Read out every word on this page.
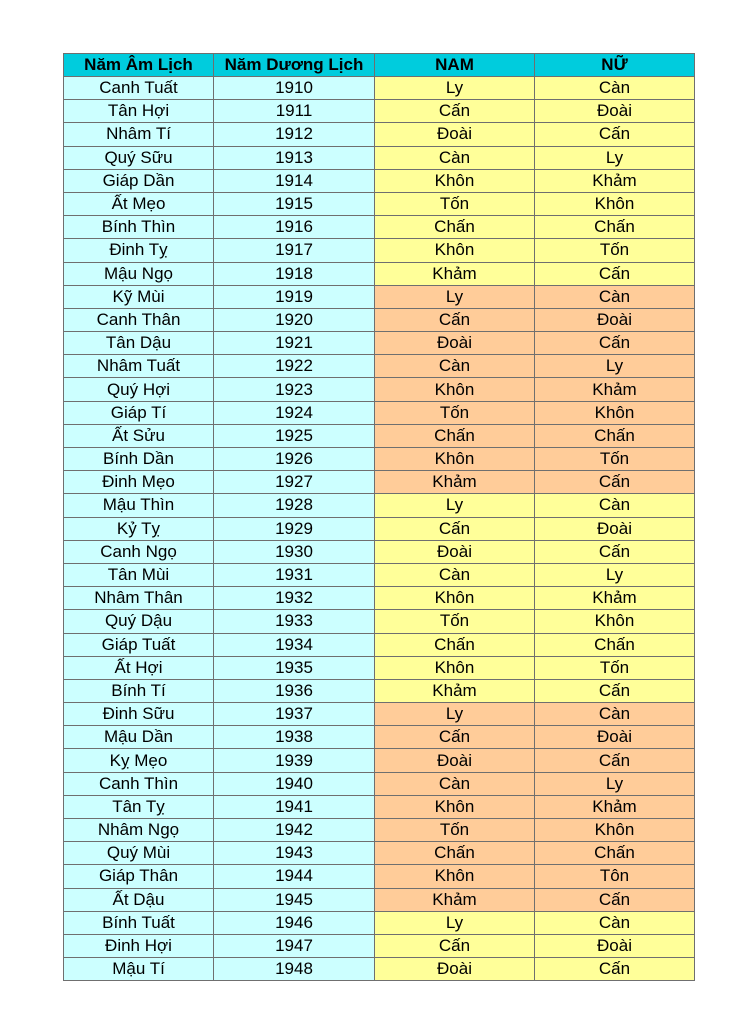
Năm Âm Lịch	Năm Dương Lịch	NAM	NỮ
Canh Tuất	1910	Ly	Càn
Tân Hợi	1911	Cấn	Đoài
Nhâm Tí	1912	Đoài	Cấn
Quý Sữu	1913	Càn	Ly
Giáp Dần	1914	Khôn	Khảm
Ất Mẹo	1915	Tốn	Khôn
Bính Thìn	1916	Chấn	Chấn
Đinh Tỵ	1917	Khôn	Tốn
Mậu Ngọ	1918	Khảm	Cấn
Kỹ Mùi	1919	Ly	Càn
Canh Thân	1920	Cấn	Đoài
Tân Dậu	1921	Đoài	Cấn
Nhâm Tuất	1922	Càn	Ly
Quý Hợi	1923	Khôn	Khảm
Giáp Tí	1924	Tốn	Khôn
Ất Sửu	1925	Chấn	Chấn
Bính Dần	1926	Khôn	Tốn
Đinh Mẹo	1927	Khảm	Cấn
Mậu Thìn	1928	Ly	Càn
Kỷ Tỵ	1929	Cấn	Đoài
Canh Ngọ	1930	Đoài	Cấn
Tân Mùi	1931	Càn	Ly
Nhâm Thân	1932	Khôn	Khảm
Quý Dậu	1933	Tốn	Khôn
Giáp Tuất	1934	Chấn	Chấn
Ất Hợi	1935	Khôn	Tốn
Bính Tí	1936	Khảm	Cấn
Đinh Sữu	1937	Ly	Càn
Mậu Dần	1938	Cấn	Đoài
Kỵ Mẹo	1939	Đoài	Cấn
Canh Thìn	1940	Càn	Ly
Tân Tỵ	1941	Khôn	Khảm
Nhâm Ngọ	1942	Tốn	Khôn
Quý Mùi	1943	Chấn	Chấn
Giáp Thân	1944	Khôn	Tôn
Ất Dậu	1945	Khảm	Cấn
Bính Tuất	1946	Ly	Càn
Đinh Hợi	1947	Cấn	Đoài
Mậu Tí	1948	Đoài	Cấn
